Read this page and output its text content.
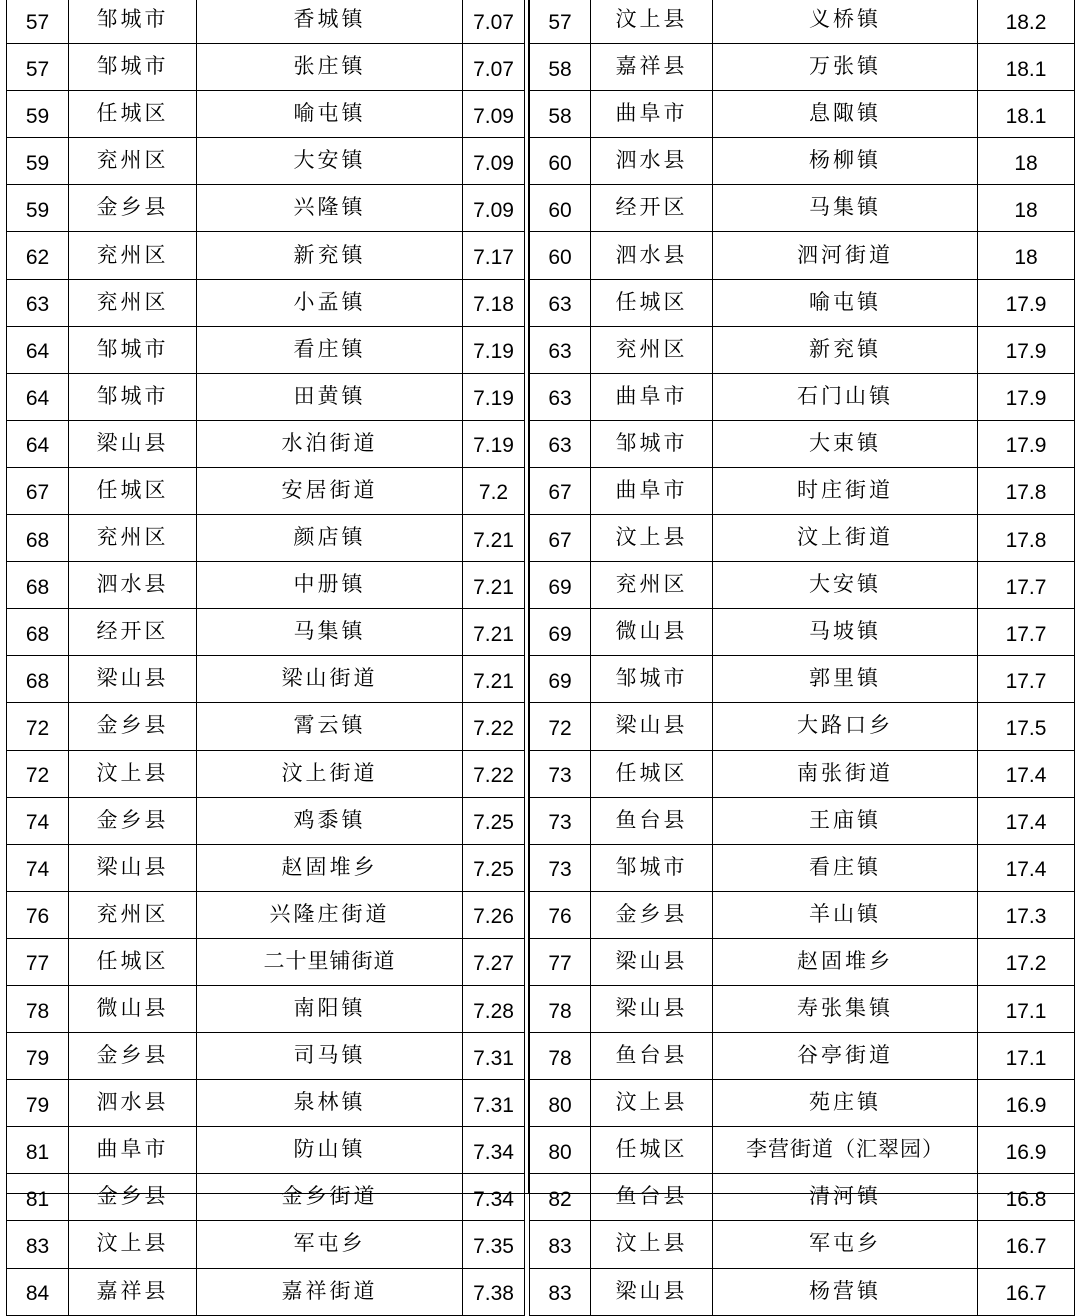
57	邹城市	香城镇	7.07
57	邹城市	张庄镇	7.07
59	任城区	喻屯镇	7.09
59	兖州区	大安镇	7.09
59	金乡县	兴隆镇	7.09
62	兖州区	新兖镇	7.17
63	兖州区	小孟镇	7.18
64	邹城市	看庄镇	7.19
64	邹城市	田黄镇	7.19
64	梁山县	水泊街道	7.19
67	任城区	安居街道	7.2
68	兖州区	颜店镇	7.21
68	泗水县	中册镇	7.21
68	经开区	马集镇	7.21
68	梁山县	梁山街道	7.21
72	金乡县	霄云镇	7.22
72	汶上县	汶上街道	7.22
74	金乡县	鸡黍镇	7.25
74	梁山县	赵固堆乡	7.25
76	兖州区	兴隆庄街道	7.26
77	任城区	二十里铺街道	7.27
78	微山县	南阳镇	7.28
79	金乡县	司马镇	7.31
79	泗水县	泉林镇	7.31
81	曲阜市	防山镇	7.34
81	金乡县	金乡街道	7.34
83	汶上县	军屯乡	7.35
84	嘉祥县	嘉祥街道	7.38
57	汶上县	义桥镇	18.2
58	嘉祥县	万张镇	18.1
58	曲阜市	息陬镇	18.1
60	泗水县	杨柳镇	18
60	经开区	马集镇	18
60	泗水县	泗河街道	18
63	任城区	喻屯镇	17.9
63	兖州区	新兖镇	17.9
63	曲阜市	石门山镇	17.9
63	邹城市	大束镇	17.9
67	曲阜市	时庄街道	17.8
67	汶上县	汶上街道	17.8
69	兖州区	大安镇	17.7
69	微山县	马坡镇	17.7
69	邹城市	郭里镇	17.7
72	梁山县	大路口乡	17.5
73	任城区	南张街道	17.4
73	鱼台县	王庙镇	17.4
73	邹城市	看庄镇	17.4
76	金乡县	羊山镇	17.3
77	梁山县	赵固堆乡	17.2
78	梁山县	寿张集镇	17.1
78	鱼台县	谷亭街道	17.1
80	汶上县	苑庄镇	16.9
80	任城区	李营街道（汇翠园）	16.9
82	鱼台县	清河镇	16.8
83	汶上县	军屯乡	16.7
83	梁山县	杨营镇	16.7
